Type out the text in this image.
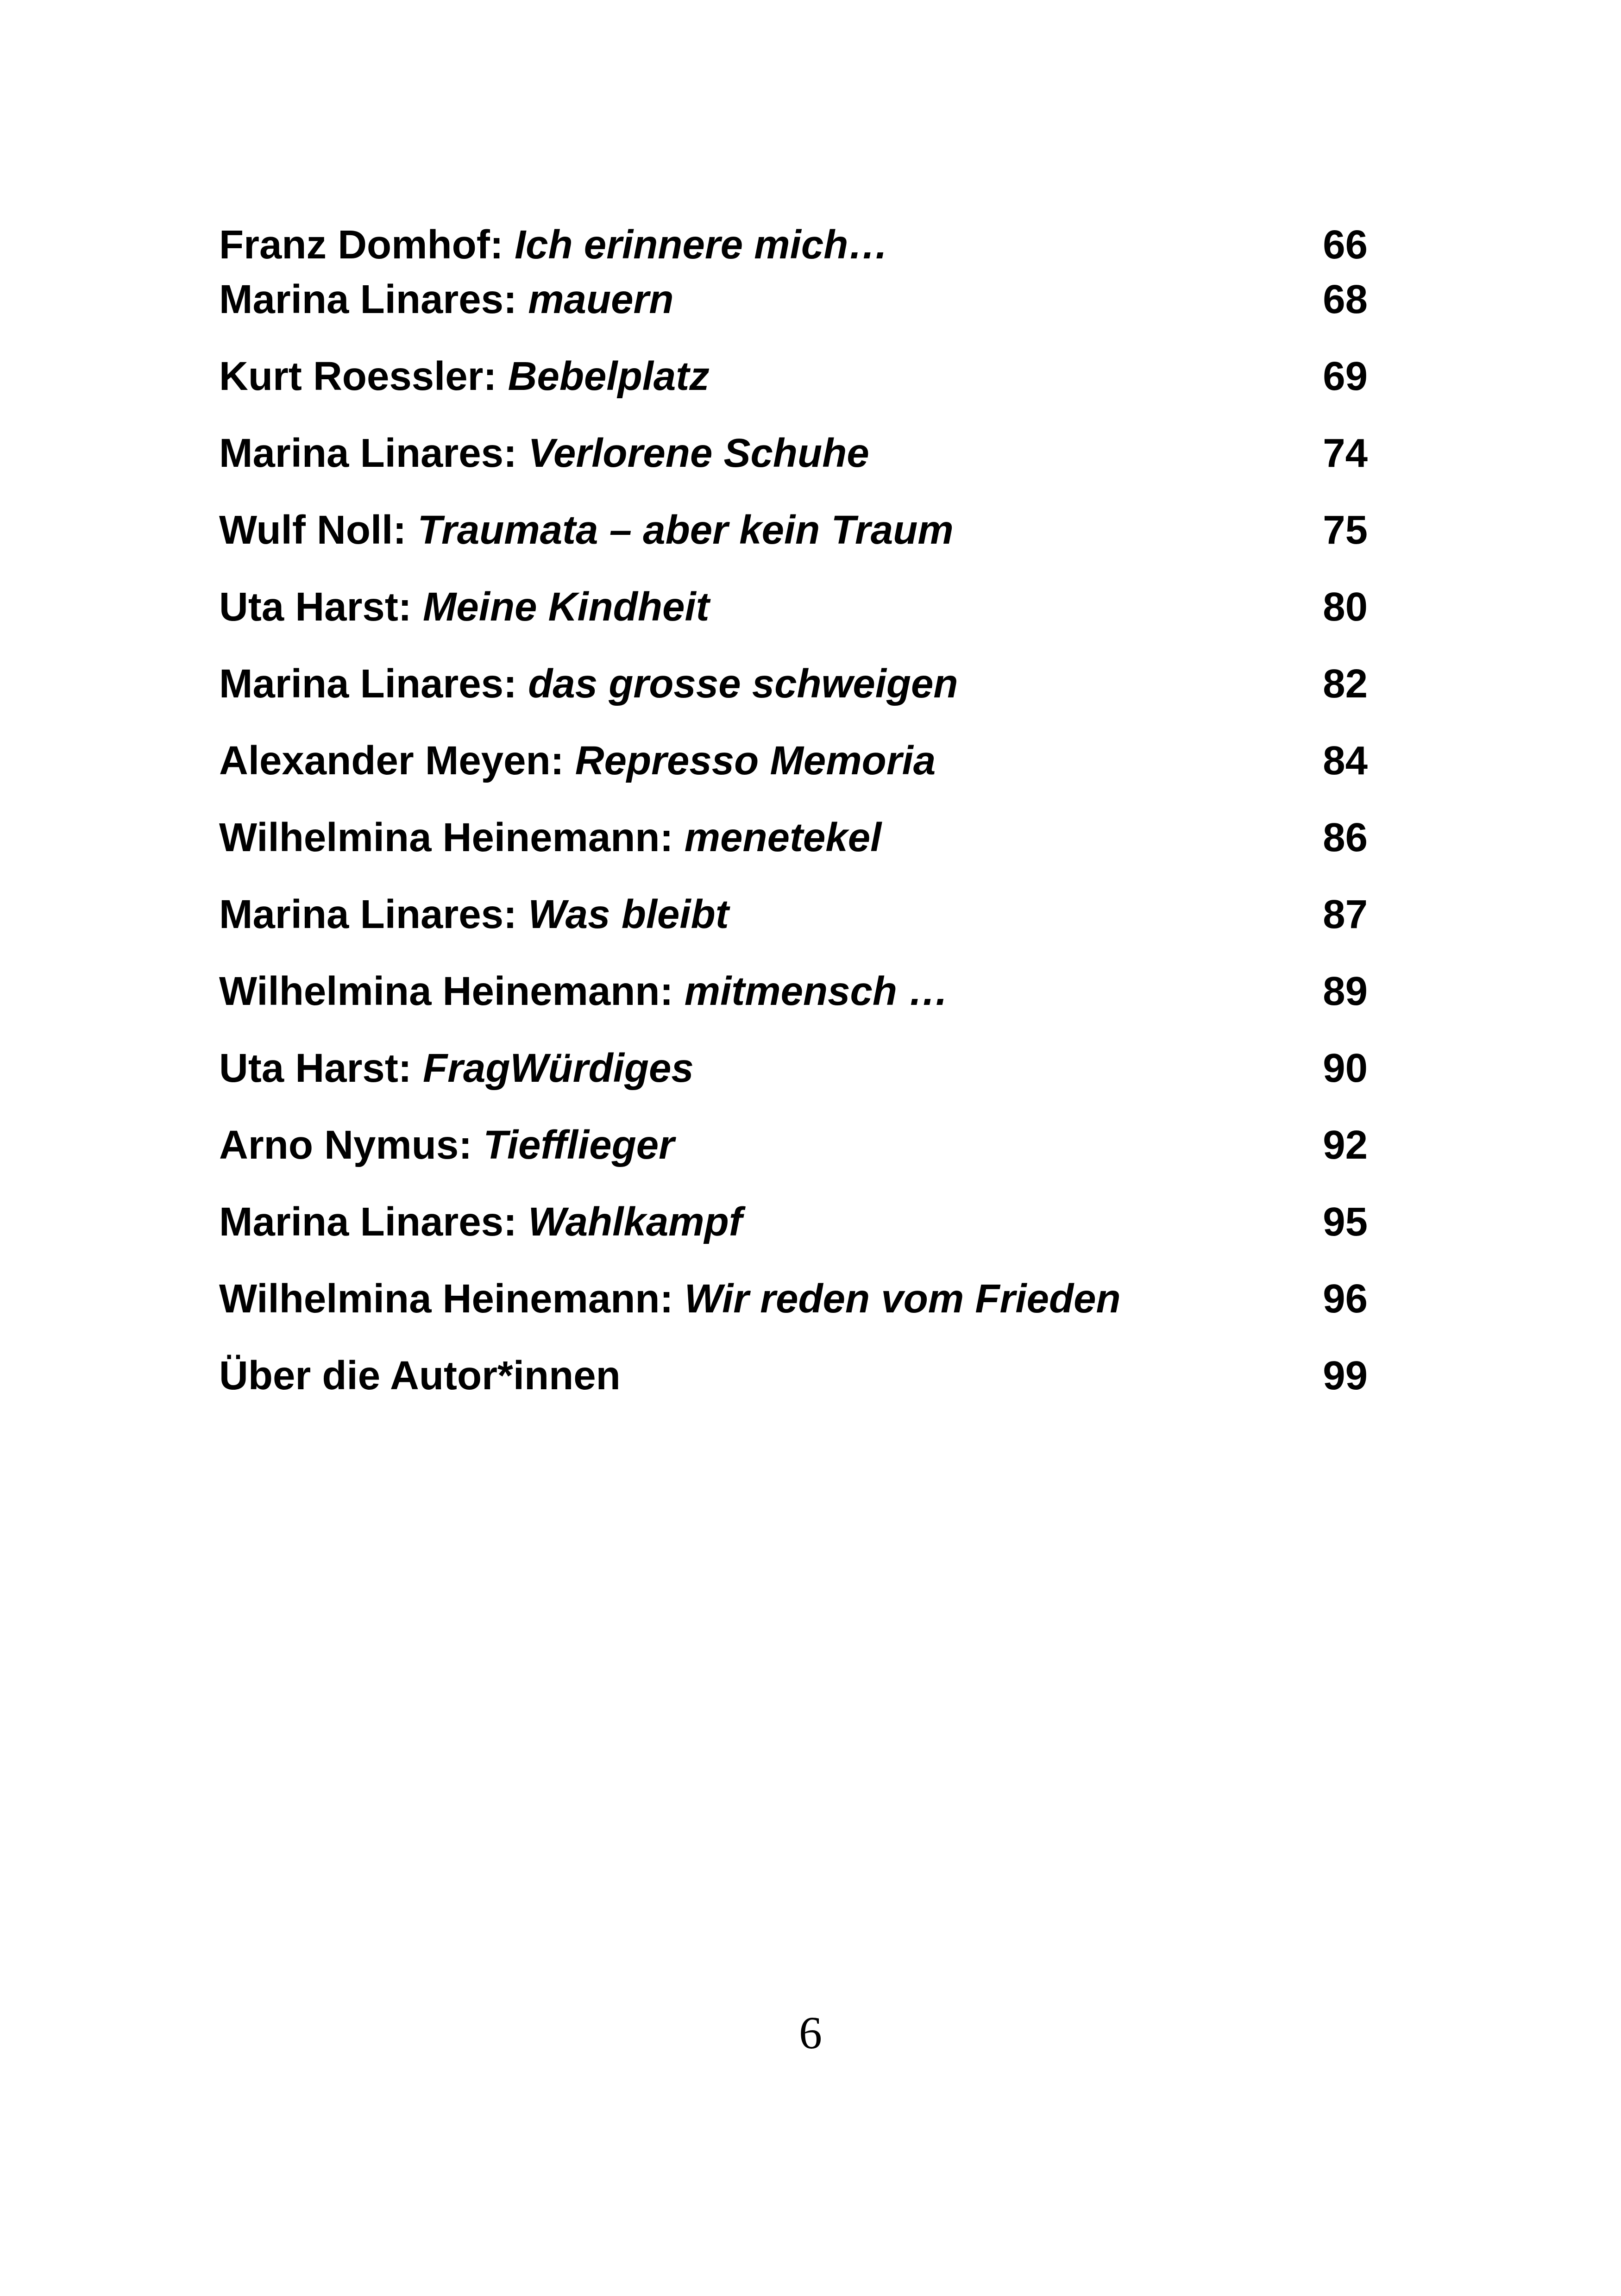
Franz Domhof: Ich erinnere mich…	66
Marina Linares: mauern	68
Kurt Roessler: Bebelplatz	69
Marina Linares: Verlorene Schuhe	74
Wulf Noll: Traumata – aber kein Traum	75
Uta Harst: Meine Kindheit	80
Marina Linares: das grosse schweigen	82
Alexander Meyen: Represso Memoria	84
Wilhelmina Heinemann: menetekel	86
Marina Linares: Was bleibt	87
Wilhelmina Heinemann: mitmensch …	89
Uta Harst: FragWürdiges	90
Arno Nymus: Tiefflieger	92
Marina Linares: Wahlkampf	95
Wilhelmina Heinemann: Wir reden vom Frieden	96
Über die Autor*innen	99
6
